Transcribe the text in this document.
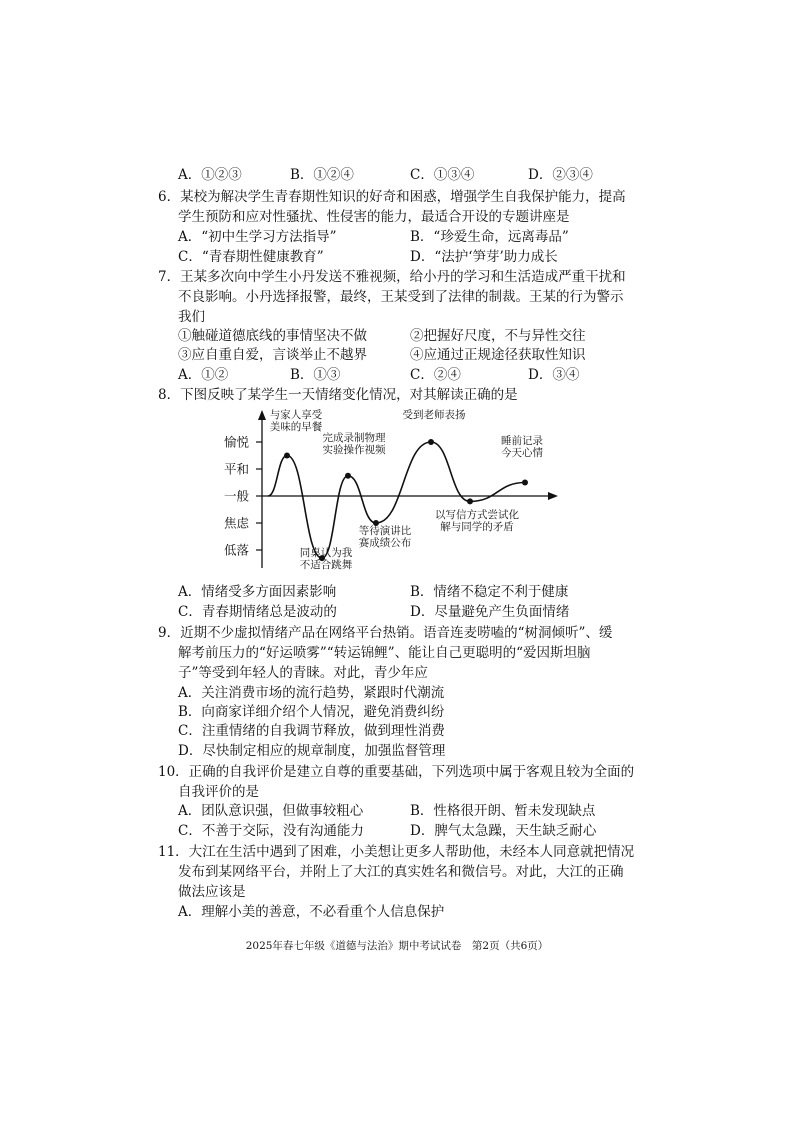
A．①②③	B．①②④	C．①③④	D．②③④
6．某校为解决学生青春期性知识的好奇和困惑，增强学生自我保护能力，提高
学生预防和应对性骚扰、性侵害的能力，最适合开设的专题讲座是
A．“初中生学习方法指导”	B．“珍爱生命，远离毒品”
C．“青春期性健康教育”	D．“法护‘笋芽’助力成长
7．王某多次向中学生小丹发送不雅视频，给小丹的学习和生活造成严重干扰和
不良影响。小丹选择报警，最终，王某受到了法律的制裁。王某的行为警示
我们
①触碰道德底线的事情坚决不做	②把握好尺度，不与异性交往
③应自重自爱，言谈举止不越界	④应通过正规途径获取性知识
A．①②	B．①③	C．②④	D．③④
8．下图反映了某学生一天情绪变化情况，对其解读正确的是
愉悦
平和
一般
焦虑
低落
与家人享受美味的早餐
同桌认为我不适合跳舞
完成录制物理实验操作视频
等待演讲比赛成绩公布
受到老师表扬
以写信方式尝试化解与同学的矛盾
睡前记录今天心情
A．情绪受多方面因素影响	B．情绪不稳定不利于健康
C．青春期情绪总是波动的	D．尽量避免产生负面情绪
9．近期不少虚拟情绪产品在网络平台热销。语音连麦唠嗑的“树洞倾听”、缓
解考前压力的“好运喷雾”“转运锦鲤”、能让自己更聪明的“爱因斯坦脑
子”等受到年轻人的青睐。对此，青少年应
A．关注消费市场的流行趋势，紧跟时代潮流
B．向商家详细介绍个人情况，避免消费纠纷
C．注重情绪的自我调节释放，做到理性消费
D．尽快制定相应的规章制度，加强监督管理
10．正确的自我评价是建立自尊的重要基础，下列选项中属于客观且较为全面的
自我评价的是
A．团队意识强，但做事较粗心	B．性格很开朗、暂未发现缺点
C．不善于交际，没有沟通能力	D．脾气太急躁，天生缺乏耐心
11．大江在生活中遇到了困难，小美想让更多人帮助他，未经本人同意就把情况
发布到某网络平台，并附上了大江的真实姓名和微信号。对此，大江的正确
做法应该是
A．理解小美的善意，不必看重个人信息保护
2025年春七年级《道德与法治》期中考试试卷　第2页（共6页）
